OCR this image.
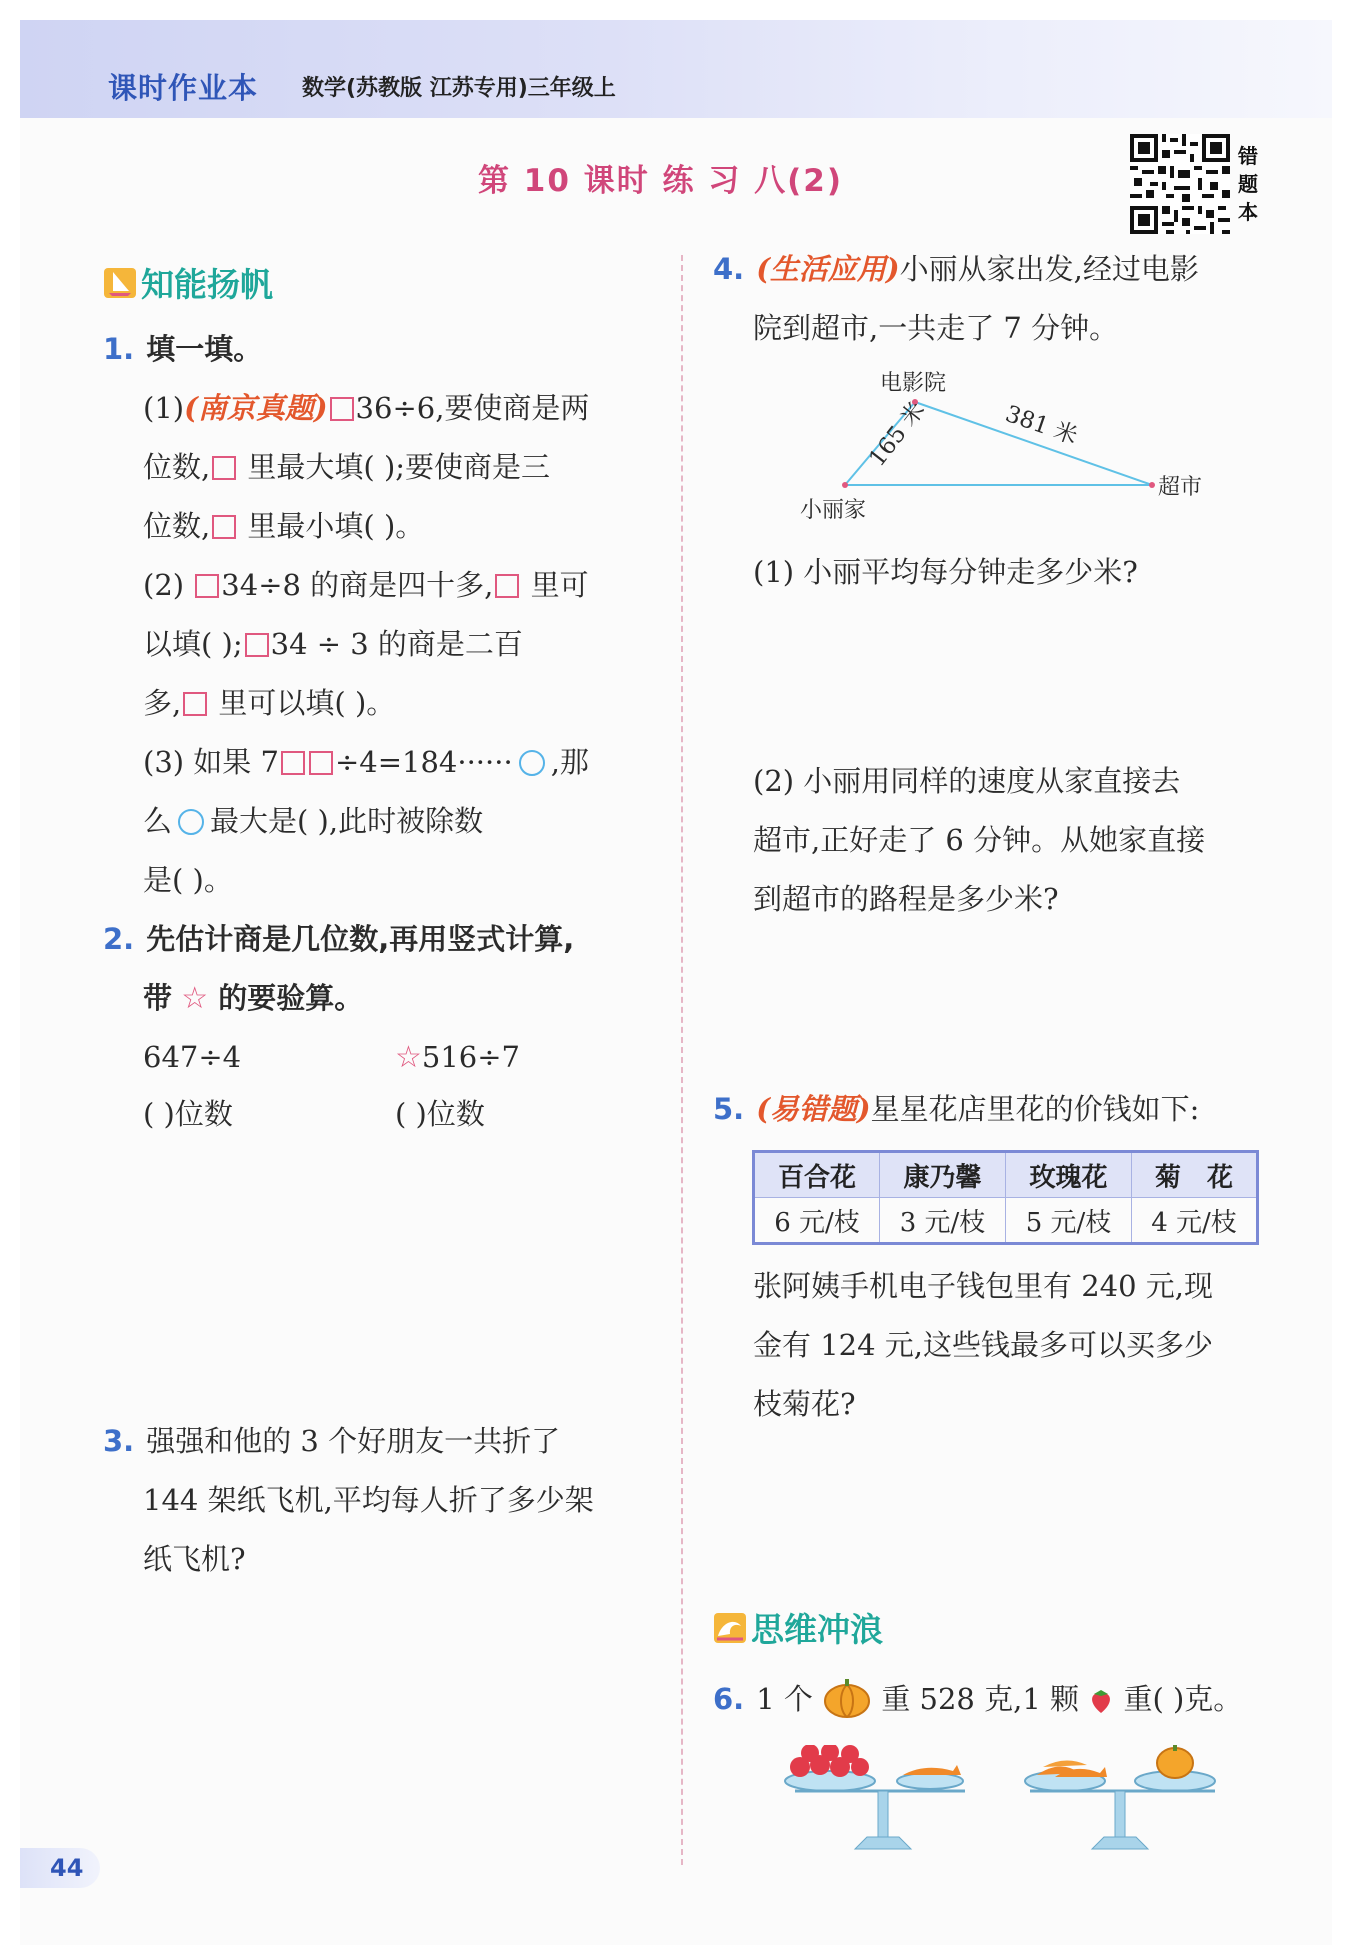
课时作业本 数学(苏教版 江苏专用)三年级上
第 10 课时 练 习 八(2)
错
题
本
知能扬帆
1. 填一填。
(1)(南京真题) 36÷6,要使商是两
位数, 里最大填( );要使商是三
位数, 里最小填( )。
(2) 34÷8 的商是四十多, 里可
以填( ); 34 ÷ 3 的商是二百
多, 里可以填( )。
(3) 如果 7 ÷4=184······ ,那
么 最大是( ),此时被除数
是( )。
2. 先估计商是几位数,再用竖式计算,
带 ☆ 的要验算。
647÷4	☆516÷7
( )位数	( )位数
3. 强强和他的 3 个好朋友一共折了
144 架纸飞机,平均每人折了多少架
纸飞机?
4. (生活应用)小丽从家出发,经过电影
院到超市,一共走了 7 分钟。
电影院
小丽家
超市
165 米	381 米
(1) 小丽平均每分钟走多少米?
(2) 小丽用同样的速度从家直接去
超市,正好走了 6 分钟。从她家直接
到超市的路程是多少米?
5. (易错题)星星花店里花的价钱如下:
百合花	康乃馨	玫瑰花	菊　花
6 元/枝	3 元/枝	5 元/枝	4 元/枝
张阿姨手机电子钱包里有 240 元,现
金有 124 元,这些钱最多可以买多少
枝菊花?
思维冲浪
6. 1 个 重 528 克,1 颗 重( )克。
44
